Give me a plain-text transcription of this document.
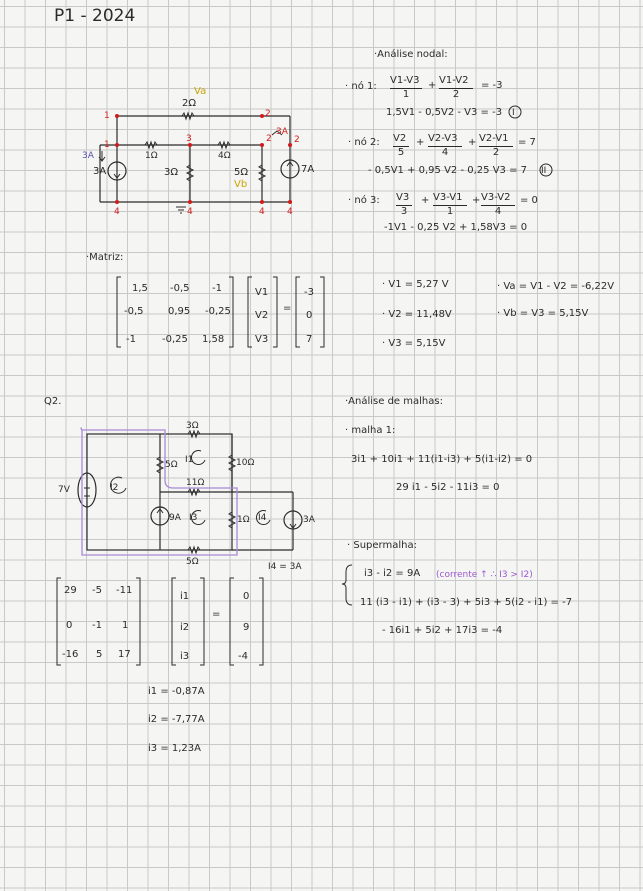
P1 - 2024
Va
2Ω
1	2
1
3	2 2
3A
3A	1Ω	4Ω
3A	3Ω	5Ω
Vb
7A
4	4	4 4
·Análise nodal:
· nó 1:
V1-V3
1
+ V1-V2
2
= -3
1,5V1 - 0,5V2 - V3 = -3 I
· nó 2: V2
5
+ V2-V3
4
+ V2-V1
2
= 7
- 0,5V1 + 0,95 V2 - 0,25 V3 = 7 II
· nó 3: V3
3
+ V3-V1
1
+ V3-V2
4
= 0
-1V1 - 0,25 V2 + 1,58V3 = 0
·Matriz:
1,5 -0,5 -1
-0,5 0,95 -0,25
-1	-0,25 1,58
V1
V2
V3
=
-3
0
7
· V1 = 5,27 V
· V2 = 11,48V
· V3 = 5,15V
· Va = V1 - V2 = -6,22V
· Vb = V3 = 5,15V
Q2.
3Ω
5Ω I1	10Ω
11Ω
7V	I2
9A I3	1Ω I4	3A
5Ω	I4 = 3A
·Análise de malhas:
· malha 1:
3i1 + 10i1 + 11(i1-i3) + 5(i1-i2) = 0
29 i1 - 5i2 - 11i3 = 0
· Supermalha:
i3 - i2 = 9A (corrente ↑ ∴ I3 > I2)
11 (i3 - i1) + (i3 - 3) + 5i3 + 5(i2 - i1) = -7
- 16i1 + 5i2 + 17i3 = -4
29 -5 -11
0 -1 1
-16 5 17
i1
i2
i3
=
0
9
-4
i1 = -0,87A
i2 = -7,77A
i3 = 1,23A
